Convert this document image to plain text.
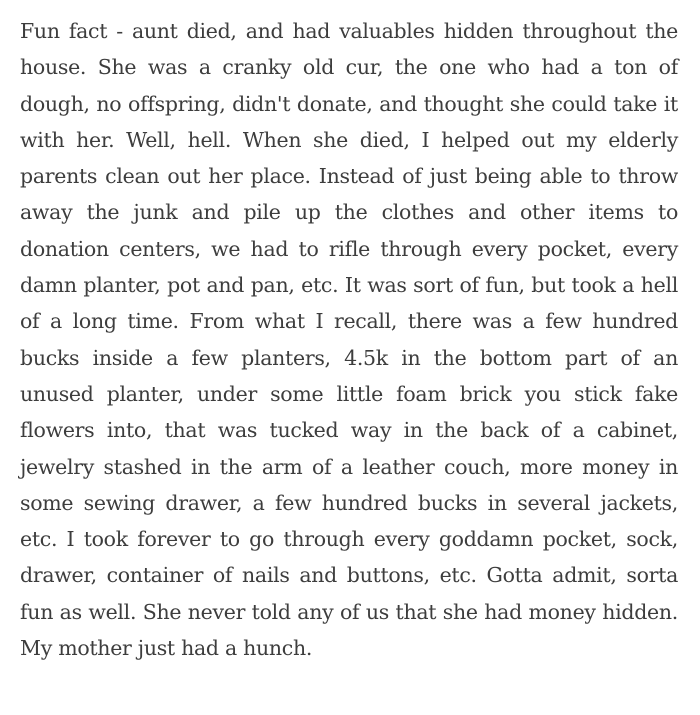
Fun fact - aunt died, and had valuables hidden throughout the house. She was a cranky old cur, the one who had a ton of dough, no offspring, didn't donate, and thought she could take it with her. Well, hell. When she died, I helped out my elderly parents clean out her place. Instead of just being able to throw away the junk and pile up the clothes and other items to donation centers, we had to rifle through every pocket, every damn planter, pot and pan, etc. It was sort of fun, but took a hell of a long time. From what I recall, there was a few hundred bucks inside a few planters, 4.5k in the bottom part of an unused planter, under some little foam brick you stick fake flowers into, that was tucked way in the back of a cabinet, jewelry stashed in the arm of a leather couch, more money in some sewing drawer, a few hundred bucks in several jackets, etc. I took forever to go through every goddamn pocket, sock, drawer, container of nails and buttons, etc. Gotta admit, sorta fun as well. She never told any of us that she had money hidden. My mother just had a hunch.
